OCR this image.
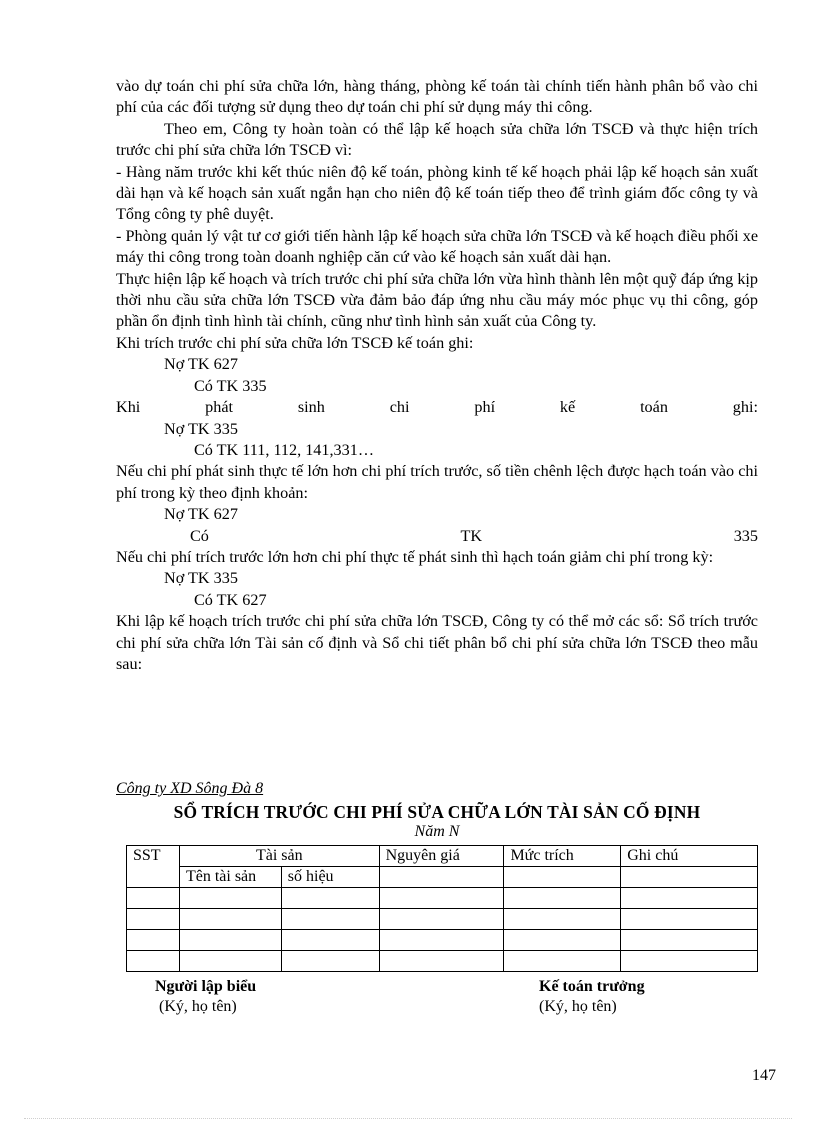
vào dự toán chi phí sửa chữa lớn, hàng tháng, phòng kế toán tài chính tiến hành phân bổ vào chi phí của các đối tượng sử dụng theo dự toán chi phí sử dụng máy thi công.

Theo em, Công ty hoàn toàn có thể lập kế hoạch sửa chữa lớn TSCĐ và thực hiện trích trước chi phí sửa chữa lớn TSCĐ vì:

- Hàng năm trước khi kết thúc niên độ kế toán, phòng kinh tế kế hoạch phải lập kế hoạch sản xuất dài hạn và kế hoạch sản xuất ngắn hạn cho niên độ kế toán tiếp theo để trình giám đốc công ty và Tổng công ty phê duyệt.

- Phòng quản lý vật tư cơ giới tiến hành lập kế hoạch sửa chữa lớn TSCĐ và kế hoạch điều phối xe máy thi công trong toàn doanh nghiệp căn cứ vào kế hoạch sản xuất dài hạn.

Thực hiện lập kế hoạch và trích trước chi phí sửa chữa lớn vừa hình thành lên một quỹ đáp ứng kịp thời nhu cầu sửa chữa lớn TSCĐ vừa đảm bảo đáp ứng nhu cầu máy móc phục vụ thi công, góp phần ổn định tình hình tài chính, cũng như tình hình sản xuất của Công ty.

Khi trích trước chi phí sửa chữa lớn TSCĐ kế toán ghi:

Nợ TK 627

Có TK 335

Khi	phát	sinh	chi	phí	kế	toán	ghi:

Nợ TK 335

Có TK 111, 112, 141,331…

Nếu chi phí phát sinh thực tế lớn hơn chi phí trích trước, số tiền chênh lệch được hạch toán vào chi phí trong kỳ theo định khoản:

Nợ TK 627

Có	TK	335

Nếu chi phí trích trước lớn hơn chi phí thực tế phát sinh thì hạch toán giảm chi phí trong kỳ:

Nợ TK 335

Có TK 627

Khi lập kế hoạch trích trước chi phí sửa chữa lớn TSCĐ, Công ty có thể mở các sổ: Sổ trích trước chi phí sửa chữa lớn Tài sản cố định và Sổ chi tiết phân bổ chi phí sửa chữa lớn TSCĐ theo mẫu sau:

Công ty XD Sông Đà 8
SỔ TRÍCH TRƯỚC CHI PHÍ SỬA CHỮA LỚN TÀI SẢN CỐ ĐỊNH
Năm N
SST	Tài sản		Nguyên giá	Mức trích	Ghi chú
	Tên tài sản	số hiệu			

Người lập biểu
(Ký, họ tên)
Kế toán trưởng
(Ký, họ tên)
147
